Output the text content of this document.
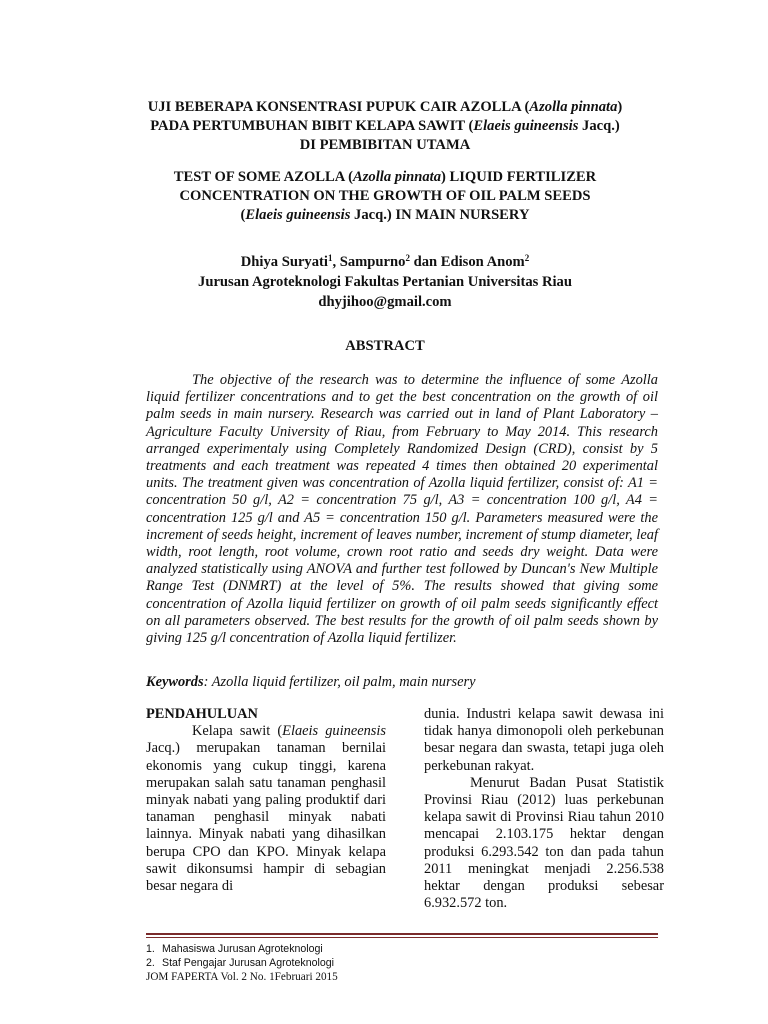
UJI BEBERAPA KONSENTRASI PUPUK CAIR AZOLLA (Azolla pinnata)

PADA PERTUMBUHAN BIBIT KELAPA SAWIT (Elaeis guineensis Jacq.)

DI PEMBIBITAN UTAMA

TEST OF SOME AZOLLA (Azolla pinnata) LIQUID FERTILIZER

CONCENTRATION ON THE GROWTH OF OIL PALM SEEDS

(Elaeis guineensis Jacq.) IN MAIN NURSERY

Dhiya Suryati$^1$, Sampurno$^2$ dan Edison Anom$^2$

Jurusan Agroteknologi Fakultas Pertanian Universitas Riau

dhyjihoo@gmail.com

ABSTRACT

The objective of the research was to determine the influence of some Azolla liquid fertilizer concentrations and to get the best concentration on the growth of oil palm seeds in main nursery. Research was carried out in land of Plant Laboratory – Agriculture Faculty University of Riau, from February to May 2014. This research arranged experimentaly using Completely Randomized Design (CRD), consist by 5 treatments and each treatment was repeated 4 times then obtained 20 experimental units. The treatment given was concentration of Azolla liquid fertilizer, consist of: A1 = concentration 50 g/l, A2 = concentration 75 g/l, A3 = concentration 100 g/l, A4 = concentration 125 g/l and A5 = concentration 150 g/l. Parameters measured were the increment of seeds height, increment of leaves number, increment of stump diameter, leaf width, root length, root volume, crown root ratio and seeds dry weight. Data were analyzed statistically using ANOVA and further test followed by Duncan's New Multiple Range Test (DNMRT) at the level of 5%. The results showed that giving some concentration of Azolla liquid fertilizer on growth of oil palm seeds significantly effect on all parameters observed. The best results for the growth of oil palm seeds shown by giving 125 g/l concentration of Azolla liquid fertilizer.

Keywords: Azolla liquid fertilizer, oil palm, main nursery

PENDAHULUAN

Kelapa sawit (Elaeis guineensis Jacq.) merupakan tanaman bernilai ekonomis yang cukup tinggi, karena merupakan salah satu tanaman penghasil minyak nabati yang paling produktif dari tanaman penghasil minyak nabati lainnya. Minyak nabati yang dihasilkan berupa CPO dan KPO. Minyak kelapa sawit dikonsumsi hampir di sebagian besar negara di

dunia. Industri kelapa sawit dewasa ini tidak hanya dimonopoli oleh perkebunan besar negara dan swasta, tetapi juga oleh perkebunan rakyat.

Menurut Badan Pusat Statistik Provinsi Riau (2012) luas perkebunan kelapa sawit di Provinsi Riau tahun 2010 mencapai 2.103.175 hektar dengan produksi 6.293.542 ton dan pada tahun 2011 meningkat menjadi 2.256.538 hektar dengan produksi sebesar 6.932.572 ton.

1. Mahasiswa Jurusan Agroteknologi

2. Staf Pengajar Jurusan Agroteknologi

JOM FAPERTA Vol. 2 No. 1Februari 2015
